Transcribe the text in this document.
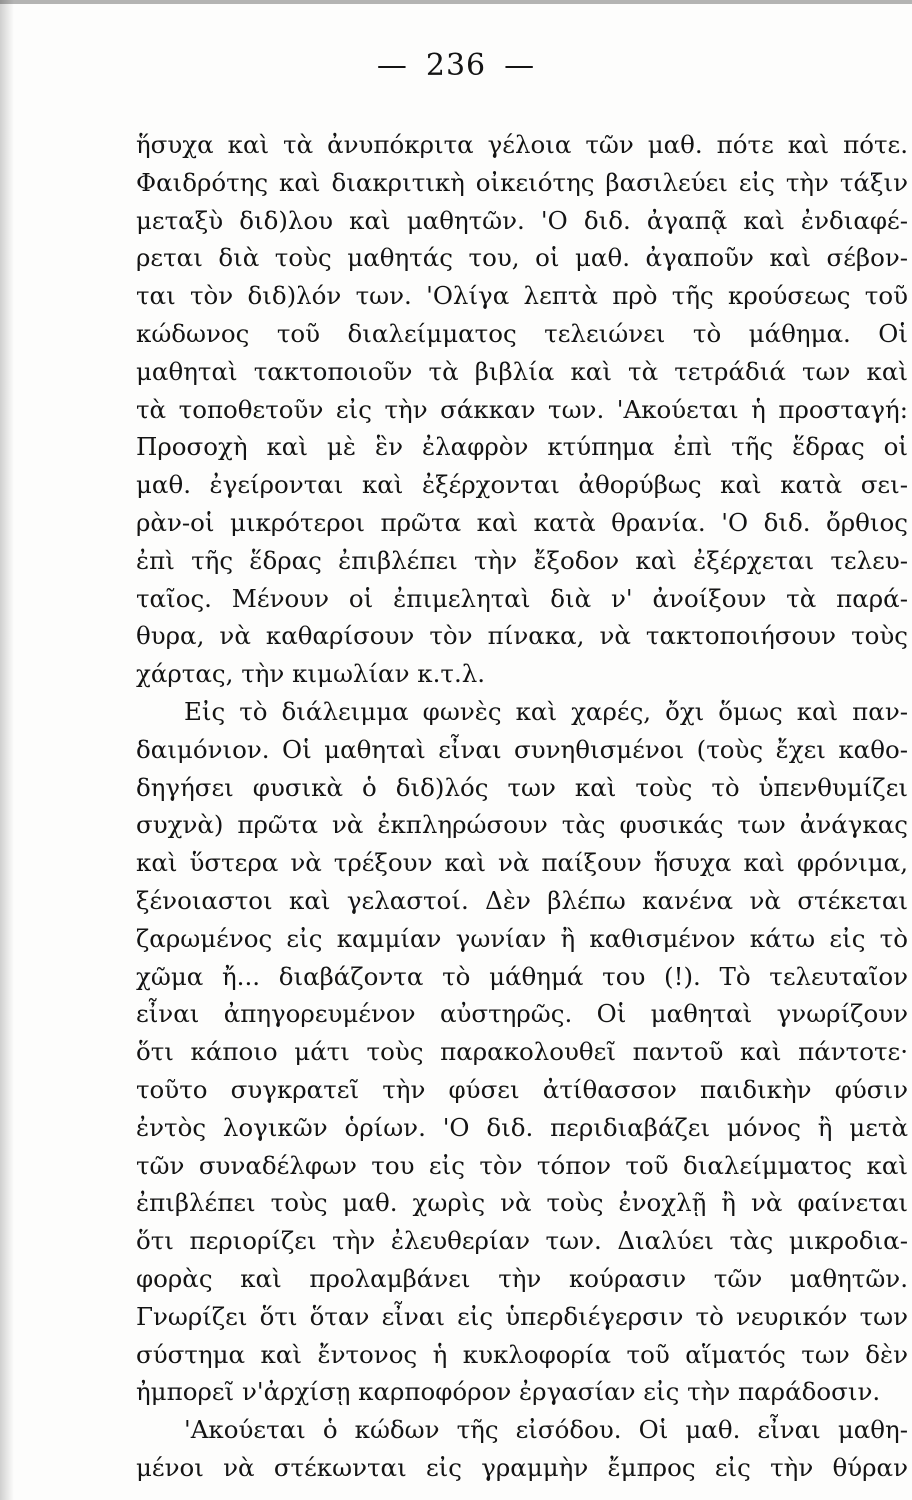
— 236 —
ἥσυχα καὶ τὰ ἀνυπόκριτα γέλοια τῶν μαθ. πότε καὶ πότε.
Φαιδρότης καὶ διακριτικὴ οἰκειότης βασιλεύει εἰς τὴν τάξιν
μεταξὺ διδ)λου καὶ μαθητῶν. 'Ο διδ. ἀγαπᾷ καὶ ἐνδιαφέ-
ρεται διὰ τοὺς μαθητάς του, οἱ μαθ. ἀγαποῦν καὶ σέβον-
ται τὸν διδ)λόν των. 'Ολίγα λεπτὰ πρὸ τῆς κρούσεως τοῦ
κώδωνος τοῦ διαλείμματος τελειώνει τὸ μάθημα. Οἱ
μαθηταὶ τακτοποιοῦν τὰ βιβλία καὶ τὰ τετράδιά των καὶ
τὰ τοποθετοῦν εἰς τὴν σάκκαν των. 'Ακούεται ἡ προσταγή:
Προσοχὴ καὶ μὲ ἓν ἐλαφρὸν κτύπημα ἐπὶ τῆς ἕδρας οἱ
μαθ. ἐγείρονται καὶ ἐξέρχονται ἀθορύβως καὶ κατὰ σει-
ρὰν-οἱ μικρότεροι πρῶτα καὶ κατὰ θρανία. 'Ο διδ. ὄρθιος
ἐπὶ τῆς ἕδρας ἐπιβλέπει τὴν ἔξοδον καὶ ἐξέρχεται τελευ-
ταῖος. Μένουν οἱ ἐπιμεληταὶ διὰ ν' ἀνοίξουν τὰ παρά-
θυρα, νὰ καθαρίσουν τὸν πίνακα, νὰ τακτοποιήσουν τοὺς
χάρτας, τὴν κιμωλίαν κ.τ.λ.
Εἰς τὸ διάλειμμα φωνὲς καὶ χαρές, ὄχι ὅμως καὶ παν-
δαιμόνιον. Οἱ μαθηταὶ εἶναι συνηθισμένοι (τοὺς ἔχει καθο-
δηγήσει φυσικὰ ὁ διδ)λός των καὶ τοὺς τὸ ὑπενθυμίζει
συχνὰ) πρῶτα νὰ ἐκπληρώσουν τὰς φυσικάς των ἀνάγκας
καὶ ὕστερα νὰ τρέξουν καὶ νὰ παίξουν ἥσυχα καὶ φρόνιμα,
ξένοιαστοι καὶ γελαστοί. Δὲν βλέπω κανένα νὰ στέκεται
ζαρωμένος εἰς καμμίαν γωνίαν ἢ καθισμένον κάτω εἰς τὸ
χῶμα ἤ... διαβάζοντα τὸ μάθημά του (!). Τὸ τελευταῖον
εἶναι ἀπηγορευμένον αὐστηρῶς. Οἱ μαθηταὶ γνωρίζουν
ὅτι κάποιο μάτι τοὺς παρακολουθεῖ παντοῦ καὶ πάντοτε·
τοῦτο συγκρατεῖ τὴν φύσει ἀτίθασσον παιδικὴν φύσιν
ἐντὸς λογικῶν ὁρίων. 'Ο διδ. περιδιαβάζει μόνος ἢ μετὰ
τῶν συναδέλφων του εἰς τὸν τόπον τοῦ διαλείμματος καὶ
ἐπιβλέπει τοὺς μαθ. χωρὶς νὰ τοὺς ἐνοχλῇ ἢ νὰ φαίνεται
ὅτι περιορίζει τὴν ἐλευθερίαν των. Διαλύει τὰς μικροδια-
φορὰς καὶ προλαμβάνει τὴν κούρασιν τῶν μαθητῶν.
Γνωρίζει ὅτι ὅταν εἶναι εἰς ὑπερδιέγερσιν τὸ νευρικόν των
σύστημα καὶ ἔντονος ἡ κυκλοφορία τοῦ αἵματός των δὲν
ἠμπορεῖ ν'ἀρχίσῃ καρποφόρον ἐργασίαν εἰς τὴν παράδοσιν.
'Ακούεται ὁ κώδων τῆς εἰσόδου. Οἱ μαθ. εἶναι μαθη-
μένοι νὰ στέκωνται εἰς γραμμὴν ἔμπρος εἰς τὴν θύραν
